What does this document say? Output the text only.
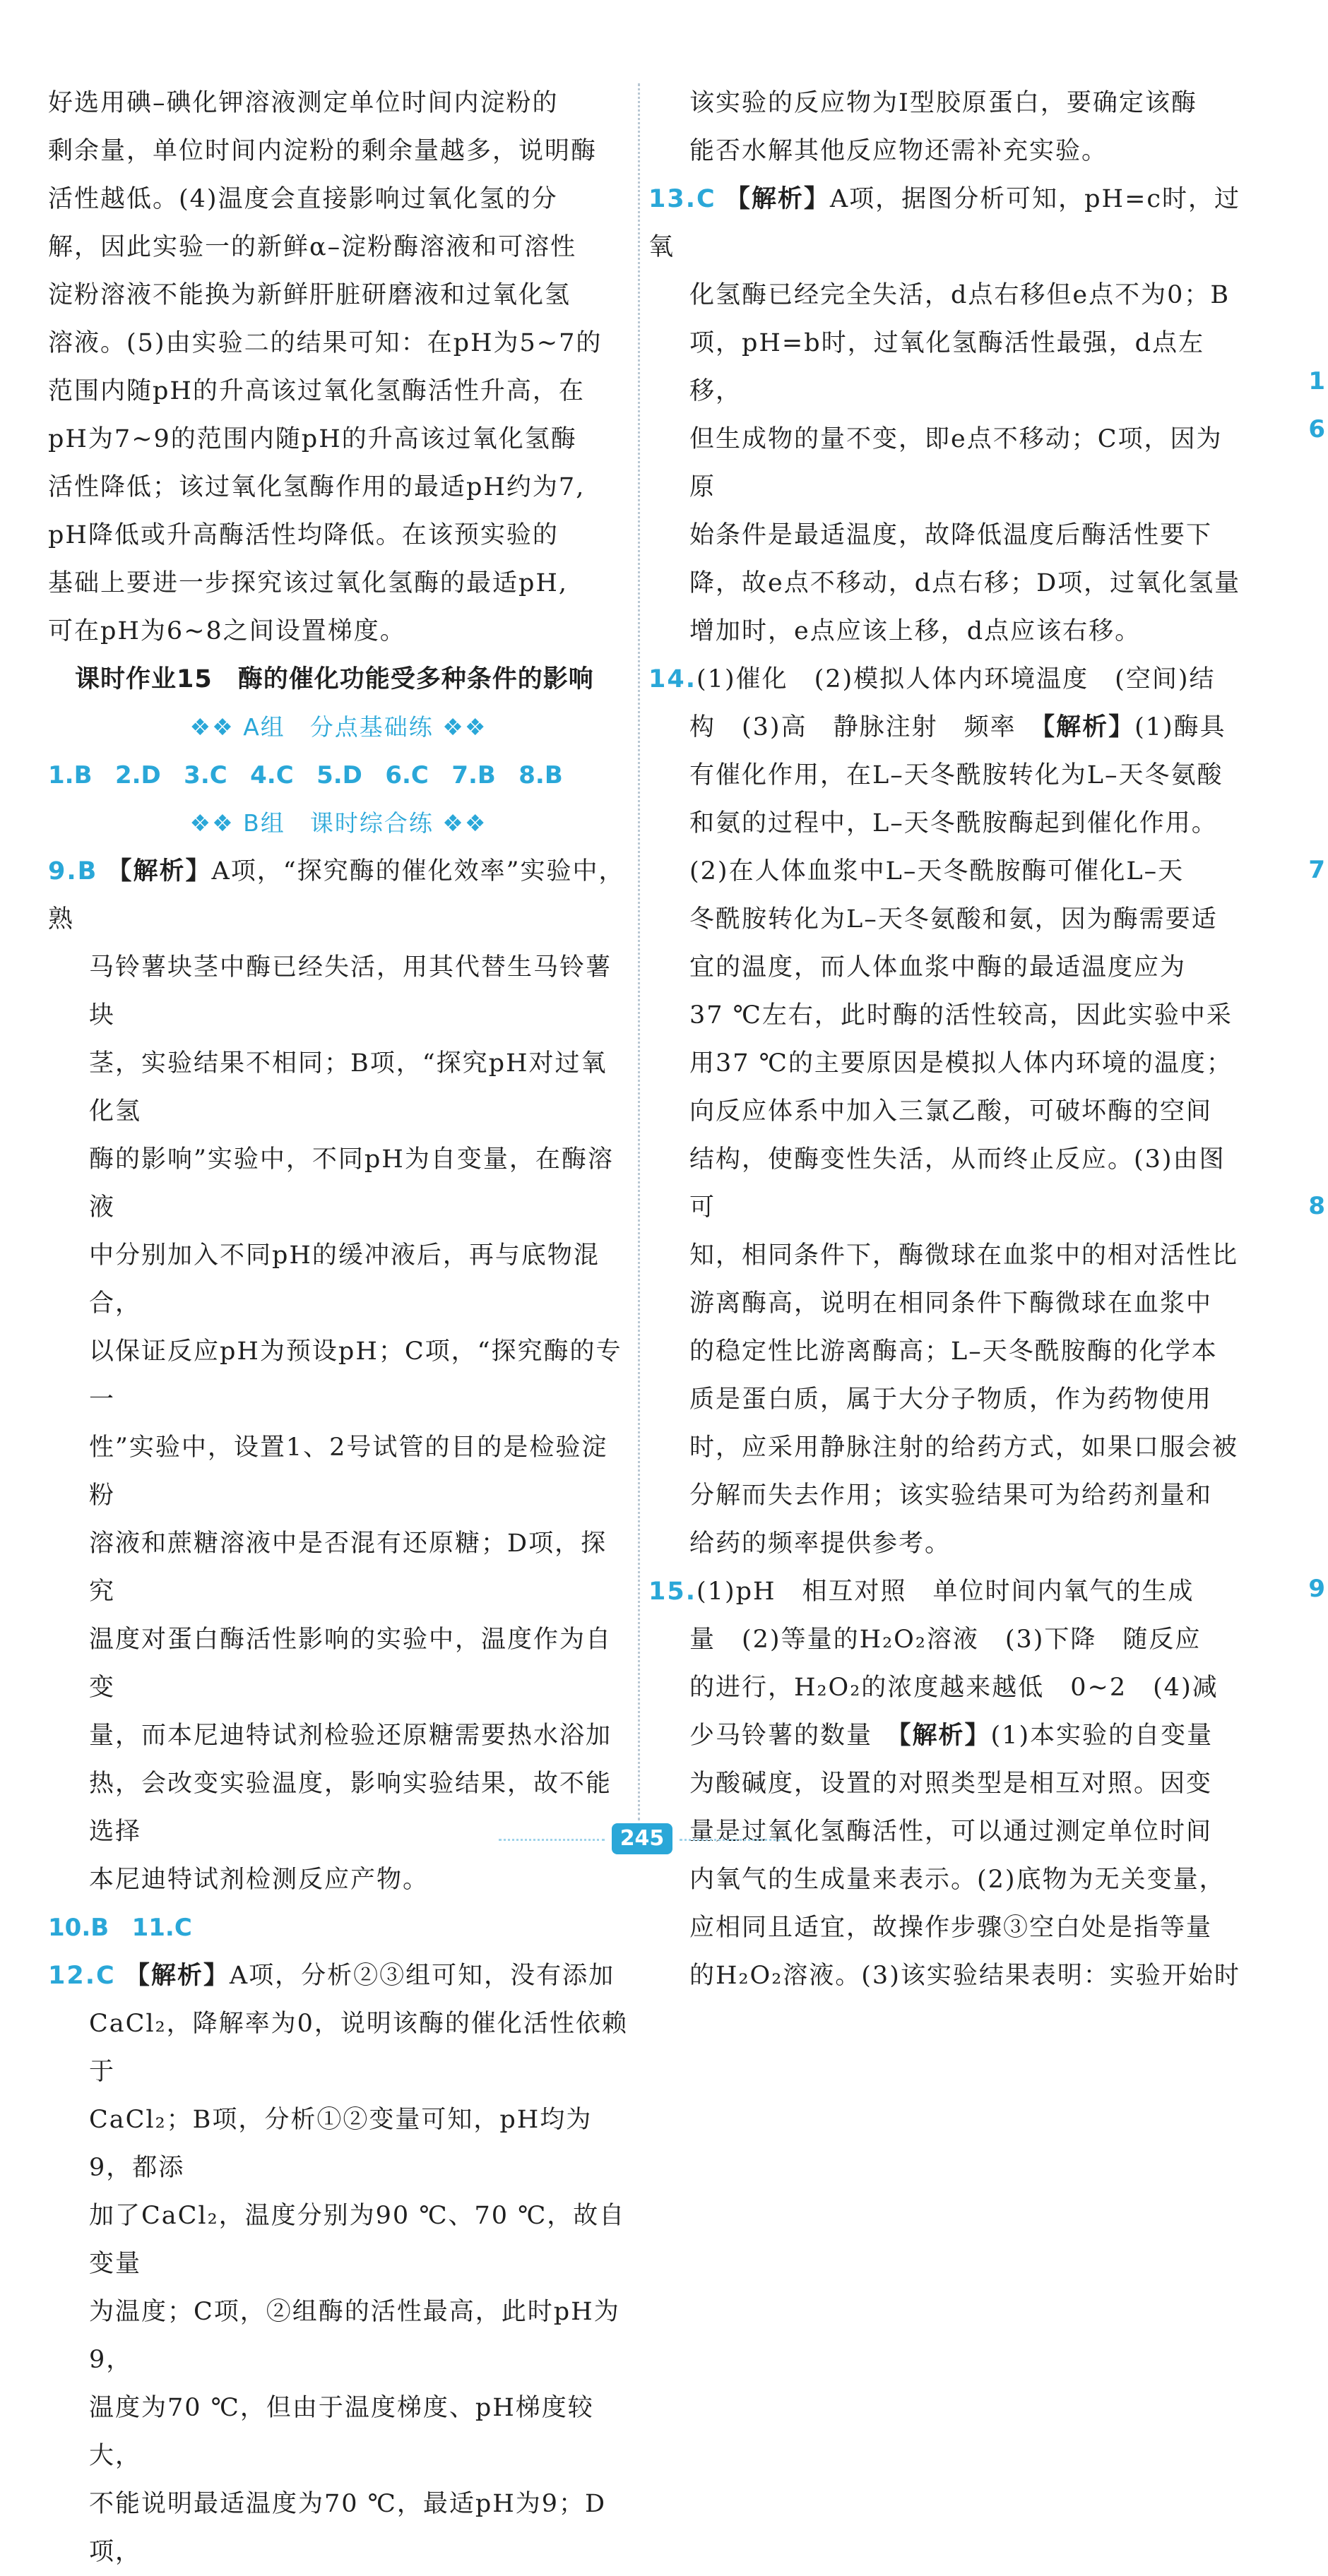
好选用碘–碘化钾溶液测定单位时间内淀粉的

剩余量，单位时间内淀粉的剩余量越多，说明酶

活性越低。(4)温度会直接影响过氧化氢的分

解，因此实验一的新鲜α–淀粉酶溶液和可溶性

淀粉溶液不能换为新鲜肝脏研磨液和过氧化氢

溶液。(5)由实验二的结果可知：在pH为5~7的

范围内随pH的升高该过氧化氢酶活性升高，在

pH为7~9的范围内随pH的升高该过氧化氢酶

活性降低；该过氧化氢酶作用的最适pH约为7,

pH降低或升高酶活性均降低。在该预实验的

基础上要进一步探究该过氧化氢酶的最适pH,

可在pH为6~8之间设置梯度。

课时作业15　酶的催化功能受多种条件的影响

❖❖ A组　分点基础练 ❖❖

1.B 2.D 3.C 4.C 5.D 6.C 7.B 8.B

❖❖ B组　课时综合练 ❖❖

9.B 【解析】A项，“探究酶的催化效率”实验中，熟

马铃薯块茎中酶已经失活，用其代替生马铃薯块

茎，实验结果不相同；B项，“探究pH对过氧化氢

酶的影响”实验中，不同pH为自变量，在酶溶液

中分别加入不同pH的缓冲液后，再与底物混合，

以保证反应pH为预设pH；C项，“探究酶的专一

性”实验中，设置1、2号试管的目的是检验淀粉

溶液和蔗糖溶液中是否混有还原糖；D项，探究

温度对蛋白酶活性影响的实验中，温度作为自变

量，而本尼迪特试剂检验还原糖需要热水浴加

热，会改变实验温度，影响实验结果，故不能选择

本尼迪特试剂检测反应产物。

10.B 11.C

12.C 【解析】A项，分析②③组可知，没有添加

CaCl₂，降解率为0，说明该酶的催化活性依赖于

CaCl₂；B项，分析①②变量可知，pH均为9，都添

加了CaCl₂，温度分别为90 ℃、70 ℃，故自变量

为温度；C项，②组酶的活性最高，此时pH为9，

温度为70 ℃，但由于温度梯度、pH梯度较大，

不能说明最适温度为70 ℃，最适pH为9；D项，

该实验的反应物为Ⅰ型胶原蛋白，要确定该酶

能否水解其他反应物还需补充实验。

13.C 【解析】A项，据图分析可知，pH=c时，过氧

化氢酶已经完全失活，d点右移但e点不为0；B

项，pH=b时，过氧化氢酶活性最强，d点左移，

但生成物的量不变，即e点不移动；C项，因为原

始条件是最适温度，故降低温度后酶活性要下

降，故e点不移动，d点右移；D项，过氧化氢量

增加时，e点应该上移，d点应该右移。

14.(1)催化　(2)模拟人体内环境温度　(空间)结

构　(3)高　静脉注射　频率　【解析】(1)酶具

有催化作用，在L–天冬酰胺转化为L–天冬氨酸

和氨的过程中，L–天冬酰胺酶起到催化作用。

(2)在人体血浆中L–天冬酰胺酶可催化L–天

冬酰胺转化为L–天冬氨酸和氨，因为酶需要适

宜的温度，而人体血浆中酶的最适温度应为

37 ℃左右，此时酶的活性较高，因此实验中采

用37 ℃的主要原因是模拟人体内环境的温度；

向反应体系中加入三氯乙酸，可破坏酶的空间

结构，使酶变性失活，从而终止反应。(3)由图可

知，相同条件下，酶微球在血浆中的相对活性比

游离酶高，说明在相同条件下酶微球在血浆中

的稳定性比游离酶高；L–天冬酰胺酶的化学本

质是蛋白质，属于大分子物质，作为药物使用

时，应采用静脉注射的给药方式，如果口服会被

分解而失去作用；该实验结果可为给药剂量和

给药的频率提供参考。

15.(1)pH　相互对照　单位时间内氧气的生成

量　(2)等量的H₂O₂溶液　(3)下降　随反应

的进行，H₂O₂的浓度越来越低　0~2　(4)减

少马铃薯的数量　【解析】(1)本实验的自变量

为酸碱度，设置的对照类型是相互对照。因变

量是过氧化氢酶活性，可以通过测定单位时间

内氧气的生成量来表示。(2)底物为无关变量，

应相同且适宜，故操作步骤③空白处是指等量

的H₂O₂溶液。(3)该实验结果表明：实验开始时

1
6
7
8
9
245
